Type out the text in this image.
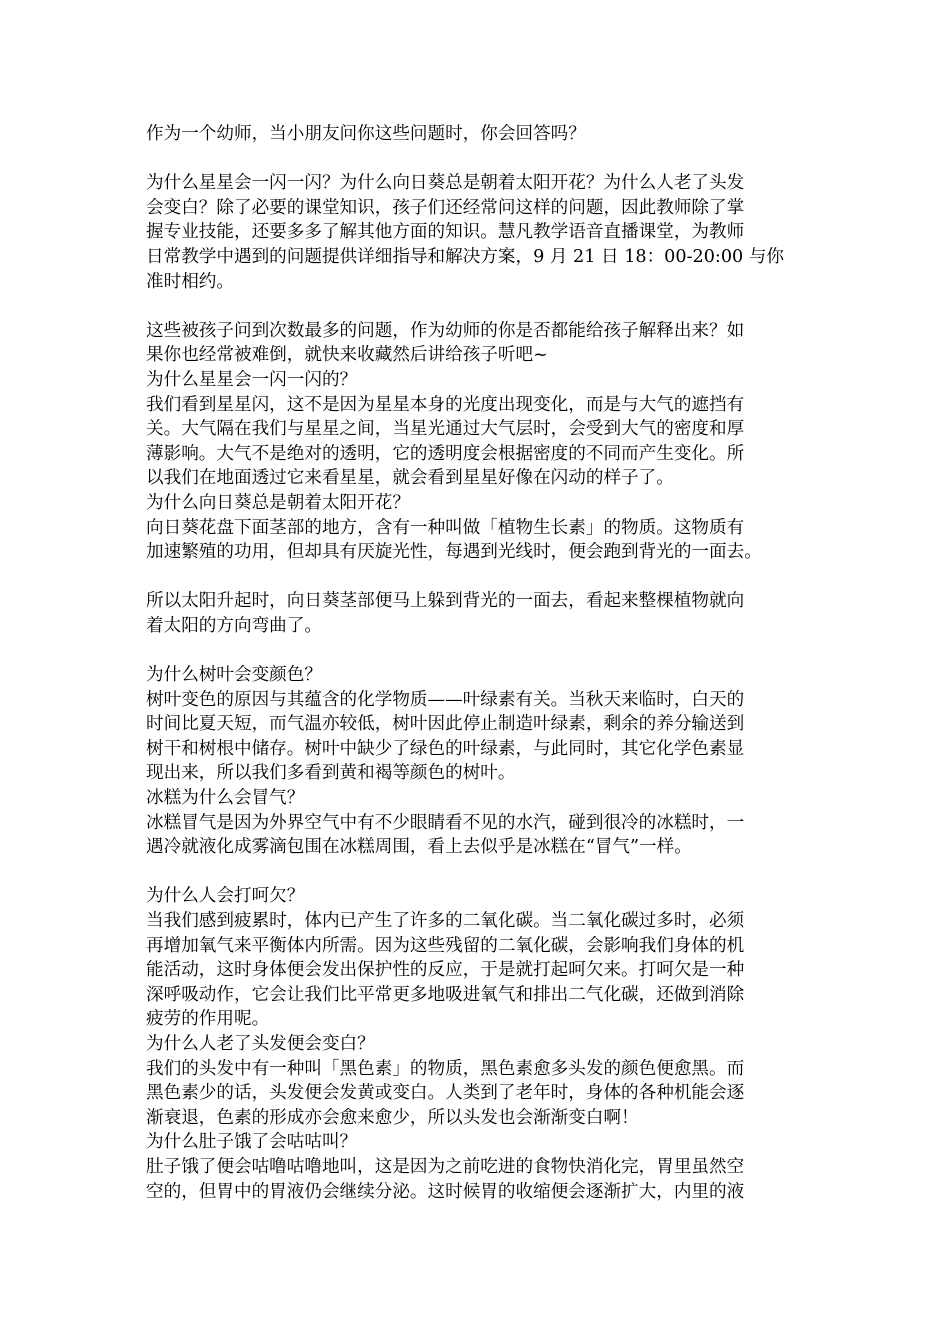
作为一个幼师，当小朋友问你这些问题时，你会回答吗？
为什么星星会一闪一闪？为什么向日葵总是朝着太阳开花？为什么人老了头发
会变白？除了必要的课堂知识，孩子们还经常问这样的问题，因此教师除了掌
握专业技能，还要多多了解其他方面的知识。慧凡教学语音直播课堂，为教师
日常教学中遇到的问题提供详细指导和解决方案，9 月 21 日 18：00-20:00 与你
准时相约。
这些被孩子问到次数最多的问题，作为幼师的你是否都能给孩子解释出来？如
果你也经常被难倒，就快来收藏然后讲给孩子听吧~
为什么星星会一闪一闪的？
我们看到星星闪，这不是因为星星本身的光度出现变化，而是与大气的遮挡有
关。大气隔在我们与星星之间，当星光通过大气层时，会受到大气的密度和厚
薄影响。大气不是绝对的透明，它的透明度会根据密度的不同而产生变化。所
以我们在地面透过它来看星星，就会看到星星好像在闪动的样子了。
为什么向日葵总是朝着太阳开花？
向日葵花盘下面茎部的地方，含有一种叫做「植物生长素」的物质。这物质有
加速繁殖的功用，但却具有厌旋光性，每遇到光线时，便会跑到背光的一面去。
所以太阳升起时，向日葵茎部便马上躲到背光的一面去，看起来整棵植物就向
着太阳的方向弯曲了。
为什么树叶会变颜色？
树叶变色的原因与其蕴含的化学物质——叶绿素有关。当秋天来临时，白天的
时间比夏天短，而气温亦较低，树叶因此停止制造叶绿素，剩余的养分输送到
树干和树根中储存。树叶中缺少了绿色的叶绿素，与此同时，其它化学色素显
现出来，所以我们多看到黄和褐等颜色的树叶。
冰糕为什么会冒气？
冰糕冒气是因为外界空气中有不少眼睛看不见的水汽，碰到很冷的冰糕时，一
遇冷就液化成雾滴包围在冰糕周围，看上去似乎是冰糕在“冒气”一样。
为什么人会打呵欠？
当我们感到疲累时，体内已产生了许多的二氧化碳。当二氧化碳过多时，必须
再增加氧气来平衡体内所需。因为这些残留的二氧化碳，会影响我们身体的机
能活动，这时身体便会发出保护性的反应，于是就打起呵欠来。打呵欠是一种
深呼吸动作，它会让我们比平常更多地吸进氧气和排出二气化碳，还做到消除
疲劳的作用呢。
为什么人老了头发便会变白？
我们的头发中有一种叫「黑色素」的物质，黑色素愈多头发的颜色便愈黑。而
黑色素少的话，头发便会发黄或变白。人类到了老年时，身体的各种机能会逐
渐衰退，色素的形成亦会愈来愈少，所以头发也会渐渐变白啊！
为什么肚子饿了会咕咕叫？
肚子饿了便会咕噜咕噜地叫，这是因为之前吃进的食物快消化完，胃里虽然空
空的，但胃中的胃液仍会继续分泌。这时候胃的收缩便会逐渐扩大，内里的液
